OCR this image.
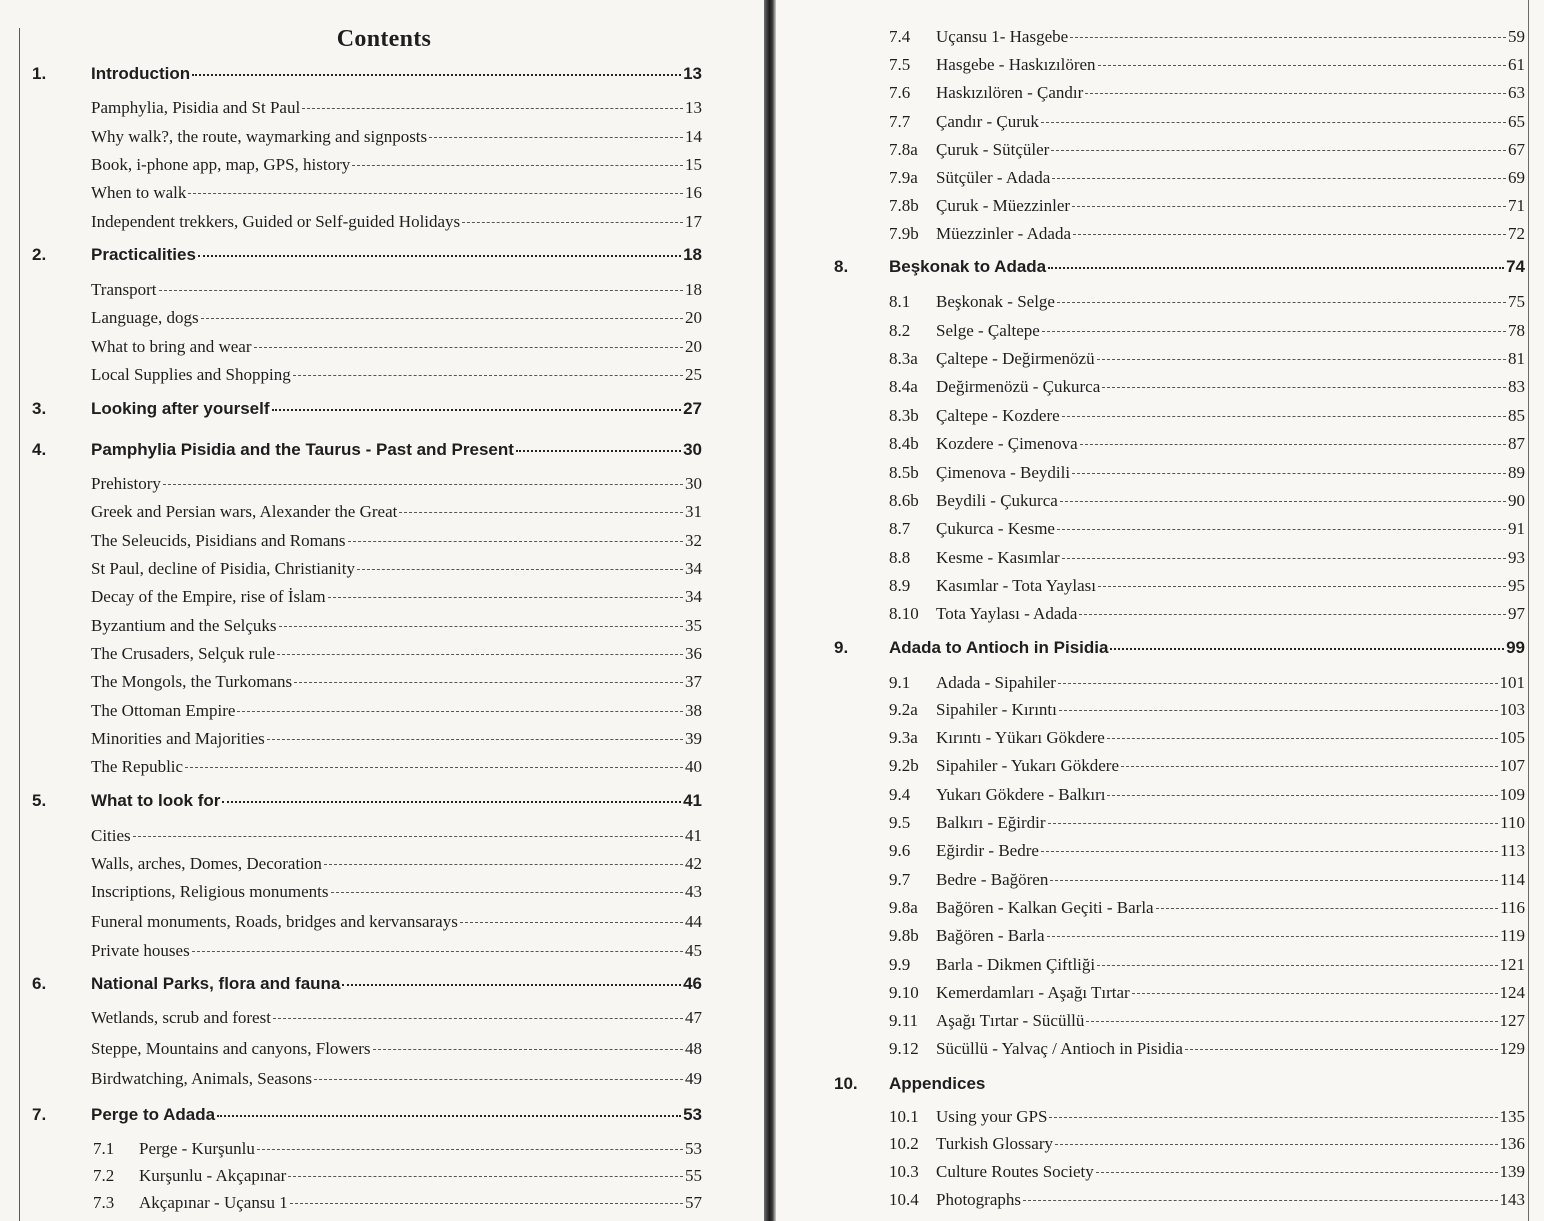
Contents
1.	Introduction	13
Pamphylia, Pisidia and St Paul	13
Why walk?, the route, waymarking and signposts	14
Book, i-phone app, map, GPS, history	15
When to walk	16
Independent trekkers, Guided or Self-guided Holidays	17
2.	Practicalities	18
Transport	18
Language, dogs	20
What to bring and wear	20
Local Supplies and Shopping	25
3.	Looking after yourself	27
4.	Pamphylia Pisidia and the Taurus - Past and Present	30
Prehistory	30
Greek and Persian wars, Alexander the Great	31
The Seleucids, Pisidians and Romans	32
St Paul, decline of Pisidia, Christianity	34
Decay of the Empire, rise of İslam	34
Byzantium and the Selçuks	35
The Crusaders, Selçuk rule	36
The Mongols, the Turkomans	37
The Ottoman Empire	38
Minorities and Majorities	39
The Republic	40
5.	What to look for	41
Cities	41
Walls, arches, Domes, Decoration	42
Inscriptions, Religious monuments	43
Funeral monuments, Roads, bridges and kervansarays	44
Private houses	45
6.	National Parks, flora and fauna	46
Wetlands, scrub and forest	47
Steppe, Mountains and canyons, Flowers	48
Birdwatching, Animals, Seasons	49
7.	Perge to Adada	53
7.1	Perge - Kurşunlu	53
7.2	Kurşunlu - Akçapınar	55
7.3	Akçapınar - Uçansu 1	57
7.4	Uçansu 1- Hasgebe	59
7.5	Hasgebe - Haskızılören	61
7.6	Haskızılören - Çandır	63
7.7	Çandır - Çuruk	65
7.8a	Çuruk - Sütçüler	67
7.9a	Sütçüler - Adada	69
7.8b	Çuruk - Müezzinler	71
7.9b	Müezzinler - Adada	72
8.	Beşkonak to Adada	74
8.1	Beşkonak - Selge	75
8.2	Selge - Çaltepe	78
8.3a	Çaltepe - Değirmenözü	81
8.4a	Değirmenözü - Çukurca	83
8.3b	Çaltepe - Kozdere	85
8.4b	Kozdere - Çimenova	87
8.5b	Çimenova - Beydili	89
8.6b	Beydili - Çukurca	90
8.7	Çukurca - Kesme	91
8.8	Kesme - Kasımlar	93
8.9	Kasımlar - Tota Yaylası	95
8.10	Tota Yaylası - Adada	97
9.	Adada to Antioch in Pisidia	99
9.1	Adada - Sipahiler	101
9.2a	Sipahiler - Kırıntı	103
9.3a	Kırıntı - Yükarı Gökdere	105
9.2b	Sipahiler - Yukarı Gökdere	107
9.4	Yukarı Gökdere - Balkırı	109
9.5	Balkırı - Eğirdir	110
9.6	Eğirdir - Bedre	113
9.7	Bedre - Bağören	114
9.8a	Bağören - Kalkan Geçiti - Barla	116
9.8b	Bağören - Barla	119
9.9	Barla - Dikmen Çiftliği	121
9.10	Kemerdamları - Aşağı Tırtar	124
9.11	Aşağı Tırtar - Sücüllü	127
9.12	Sücüllü - Yalvaç / Antioch in Pisidia	129
10.	Appendices
10.1	Using your GPS	135
10.2	Turkish Glossary	136
10.3	Culture Routes Society	139
10.4	Photographs	143
